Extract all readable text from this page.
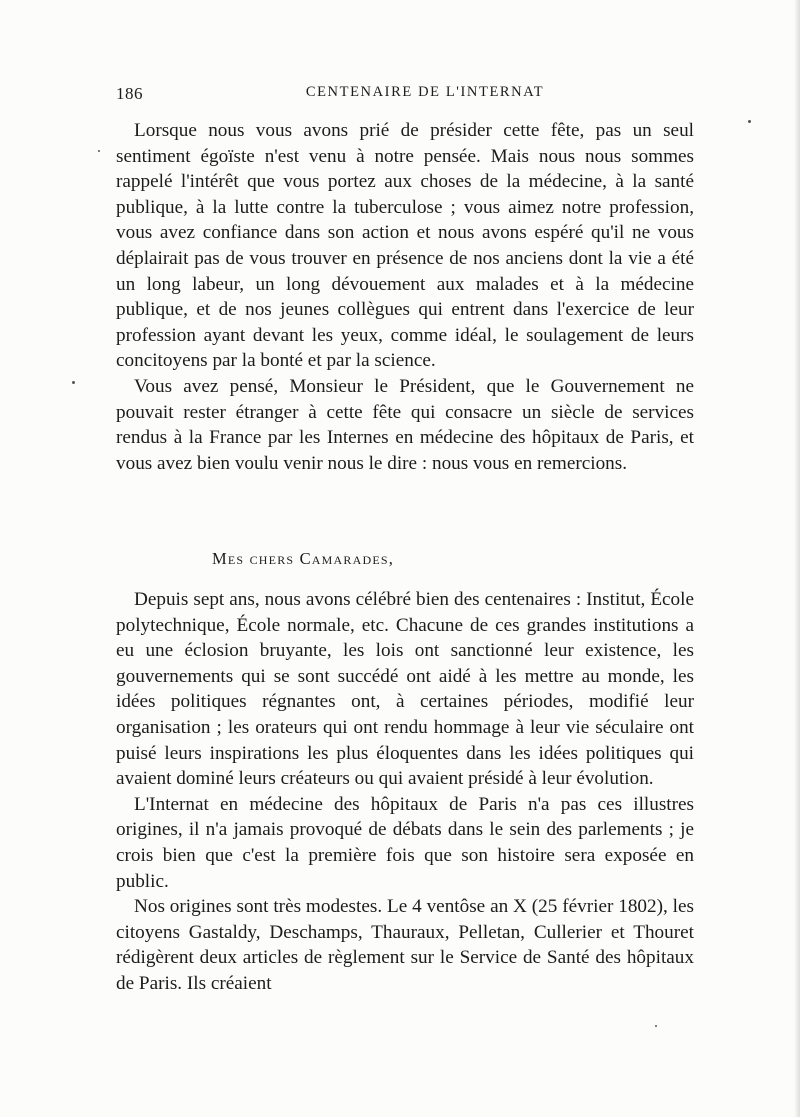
186	CENTENAIRE DE L'INTERNAT

Lorsque nous vous avons prié de présider cette fête, pas un seul sentiment égoïste n'est venu à notre pensée. Mais nous nous sommes rappelé l'intérêt que vous portez aux choses de la médecine, à la santé publique, à la lutte contre la tuberculose ; vous aimez notre profession, vous avez confiance dans son action et nous avons espéré qu'il ne vous déplairait pas de vous trouver en présence de nos anciens dont la vie a été un long labeur, un long dévouement aux malades et à la médecine publique, et de nos jeunes collègues qui entrent dans l'exercice de leur profession ayant devant les yeux, comme idéal, le soulagement de leurs concitoyens par la bonté et par la science.

Vous avez pensé, Monsieur le Président, que le Gouvernement ne pouvait rester étranger à cette fête qui consacre un siècle de services rendus à la France par les Internes en médecine des hôpitaux de Paris, et vous avez bien voulu venir nous le dire : nous vous en remercions.

Mes chers Camarades,

Depuis sept ans, nous avons célébré bien des centenaires : Institut, École polytechnique, École normale, etc. Chacune de ces grandes institutions a eu une éclosion bruyante, les lois ont sanctionné leur existence, les gouvernements qui se sont succédé ont aidé à les mettre au monde, les idées politiques régnantes ont, à certaines périodes, modifié leur organisation ; les orateurs qui ont rendu hommage à leur vie séculaire ont puisé leurs inspirations les plus éloquentes dans les idées politiques qui avaient dominé leurs créateurs ou qui avaient présidé à leur évolution.

L'Internat en médecine des hôpitaux de Paris n'a pas ces illustres origines, il n'a jamais provoqué de débats dans le sein des parlements ; je crois bien que c'est la première fois que son histoire sera exposée en public.

Nos origines sont très modestes. Le 4 ventôse an X (25 février 1802), les citoyens Gastaldy, Deschamps, Thauraux, Pelletan, Cullerier et Thouret rédigèrent deux articles de règlement sur le Service de Santé des hôpitaux de Paris. Ils créaient
